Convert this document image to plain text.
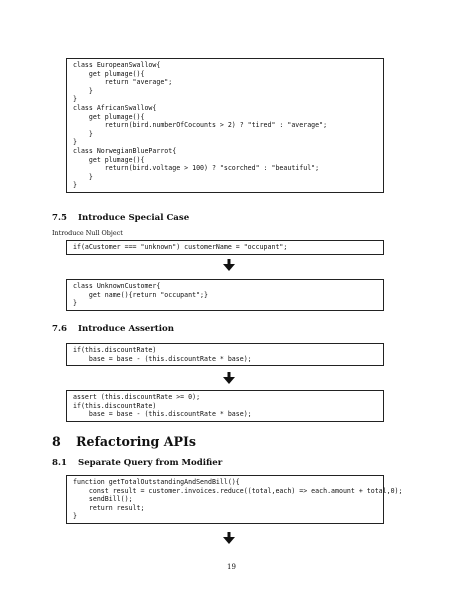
class EuropeanSwallow{
get plumage(){
return "average";
}
}
class AfricanSwallow{
get plumage(){
return(bird.numberOfCocounts > 2) ? "tired" : "average";
}
}
class NorwegianBlueParrot{
get plumage(){
return(bird.voltage > 100) ? "scorched" : "beautiful";
}
}
7.5 Introduce Special Case
Introduce Null Object
if(aCustomer === "unknown") customerName = "occupant";
class UnknownCustomer{
get name(){return "occupant";}
}
7.6 Introduce Assertion
if(this.discountRate)
base = base - (this.discountRate * base);
assert (this.discountRate >= 0);
if(this.discountRate)
base = base - (this.discountRate * base);
8 Refactoring APIs
8.1 Separate Query from Modifier
function getTotalOutstandingAndSendBill(){
const result = customer.invoices.reduce((total,each) => each.amount + total,0);
sendBill();
return result;
}
19
